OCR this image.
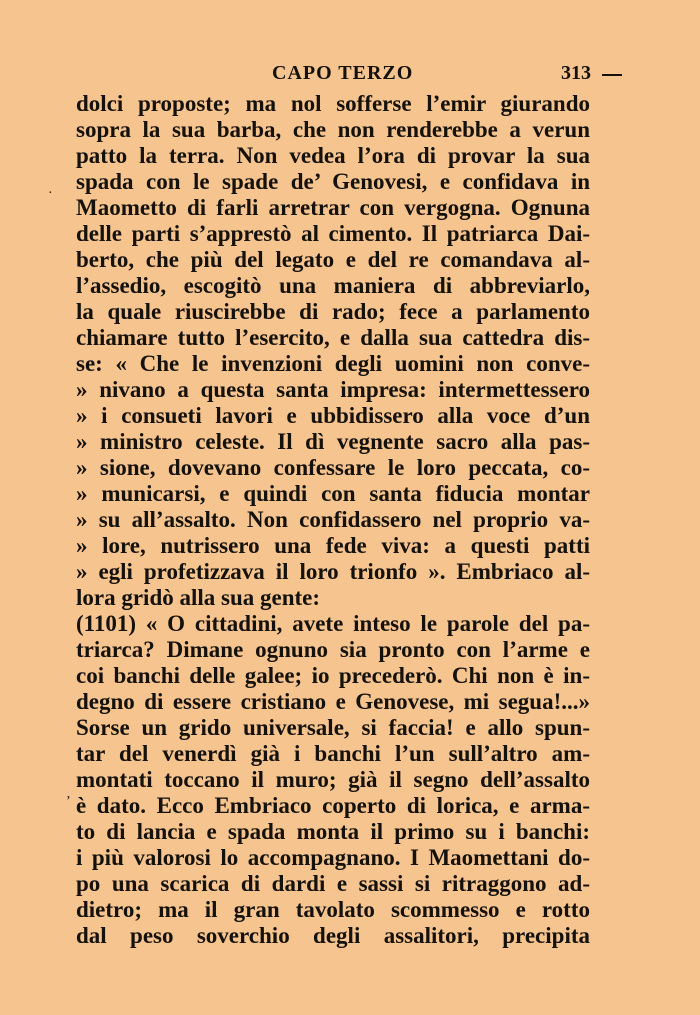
CAPO TERZO	313
·
ʼ
dolci proposte; ma nol sofferse l’emir giurando
sopra la sua barba, che non renderebbe a verun
patto la terra. Non vedea l’ora di provar la sua
spada con le spade de’ Genovesi, e confidava in
Maometto di farli arretrar con vergogna. Ognuna
delle parti s’apprestò al cimento. Il patriarca Dai-
berto, che più del legato e del re comandava al-
l’assedio, escogitò una maniera di abbreviarlo,
la quale riuscirebbe di rado; fece a parlamento
chiamare tutto l’esercito, e dalla sua cattedra dis-
se: « Che le invenzioni degli uomini non conve-
» nivano a questa santa impresa: intermettessero
» i consueti lavori e ubbidissero alla voce d’un
» ministro celeste. Il dì vegnente sacro alla pas-
» sione, dovevano confessare le loro peccata, co-
» municarsi, e quindi con santa fiducia montar
» su all’assalto. Non confidassero nel proprio va-
» lore, nutrissero una fede viva: a questi patti
» egli profetizzava il loro trionfo ». Embriaco al-
lora gridò alla sua gente:
(1101) « O cittadini, avete inteso le parole del pa-
triarca? Dimane ognuno sia pronto con l’arme e
coi banchi delle galee; io precederò. Chi non è in-
degno di essere cristiano e Genovese, mi segua!...»
Sorse un grido universale, si faccia! e allo spun-
tar del venerdì già i banchi l’un sull’altro am-
montati toccano il muro; già il segno dell’assalto
è dato. Ecco Embriaco coperto di lorica, e arma-
to di lancia e spada monta il primo su i banchi:
i più valorosi lo accompagnano. I Maomettani do-
po una scarica di dardi e sassi si ritraggono ad-
dietro; ma il gran tavolato scommesso e rotto
dal peso soverchio degli assalitori, precipita
